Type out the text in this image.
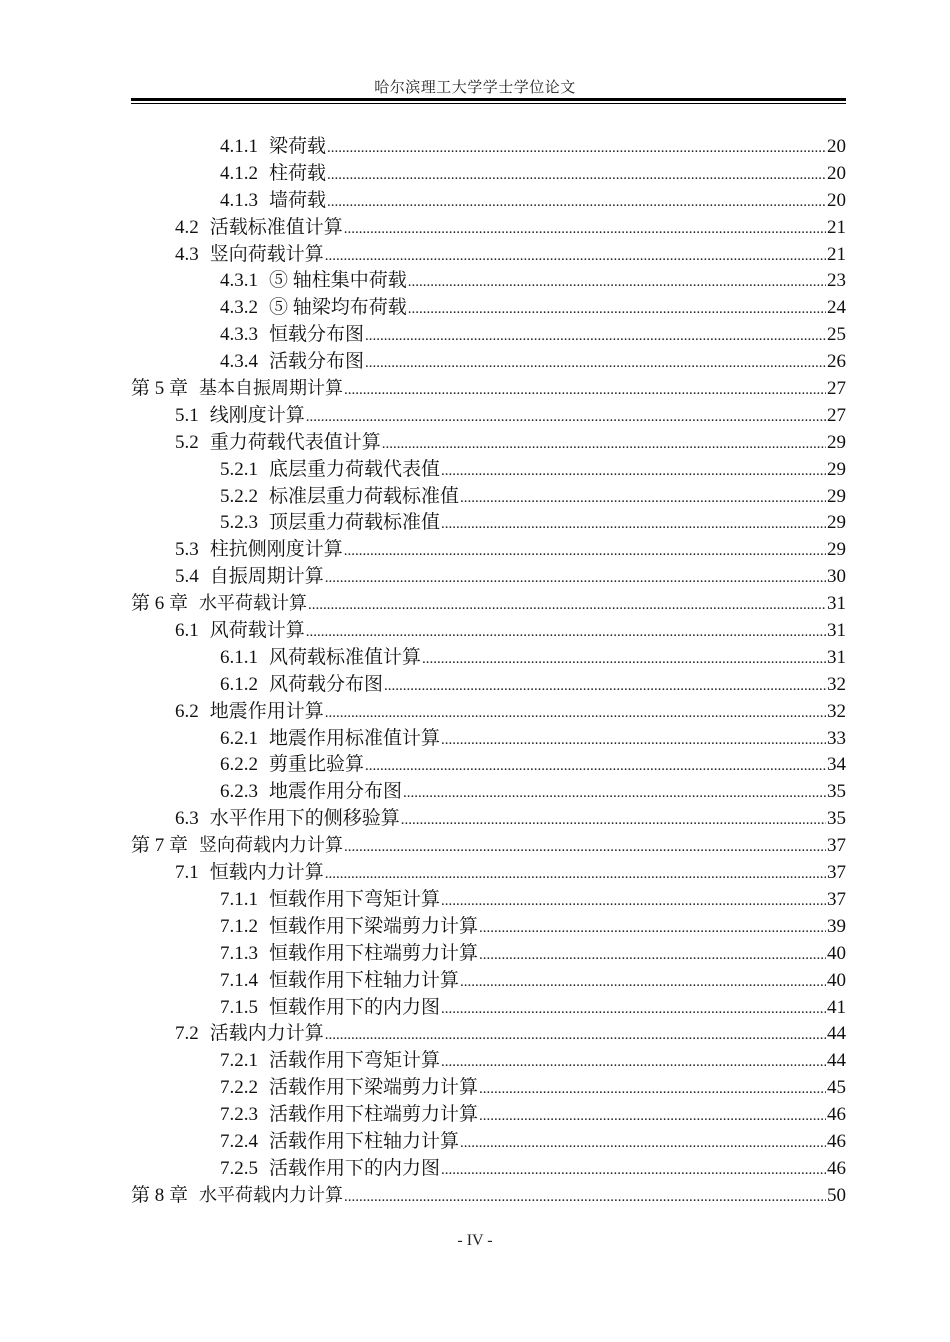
哈尔滨理工大学学士学位论文
4.1.1 梁荷载 .....	20
4.1.2 柱荷载 .....	20
4.1.3 墙荷载 .....	20
4.2 活载标准值计算 .....	21
4.3 竖向荷载计算 .....	21
4.3.1 ⑤ 轴柱集中荷载 .....	23
4.3.2 ⑤ 轴梁均布荷载 .....	24
4.3.3 恒载分布图 .....	25
4.3.4 活载分布图 .....	26
第 5 章 基本自振周期计算 .....	27
5.1 线刚度计算 .....	27
5.2 重力荷载代表值计算 .....	29
5.2.1 底层重力荷载代表值 .....	29
5.2.2 标准层重力荷载标准值 .....	29
5.2.3 顶层重力荷载标准值 .....	29
5.3 柱抗侧刚度计算 .....	29
5.4 自振周期计算 .....	30
第 6 章 水平荷载计算 .....	31
6.1 风荷载计算 .....	31
6.1.1 风荷载标准值计算 .....	31
6.1.2 风荷载分布图 .....	32
6.2 地震作用计算 .....	32
6.2.1 地震作用标准值计算 .....	33
6.2.2 剪重比验算 .....	34
6.2.3 地震作用分布图 .....	35
6.3 水平作用下的侧移验算 .....	35
第 7 章 竖向荷载内力计算 .....	37
7.1 恒载内力计算 .....	37
7.1.1 恒载作用下弯矩计算 .....	37
7.1.2 恒载作用下梁端剪力计算 .....	39
7.1.3 恒载作用下柱端剪力计算 .....	40
7.1.4 恒载作用下柱轴力计算 .....	40
7.1.5 恒载作用下的内力图 .....	41
7.2 活载内力计算 .....	44
7.2.1 活载作用下弯矩计算 .....	44
7.2.2 活载作用下梁端剪力计算 .....	45
7.2.3 活载作用下柱端剪力计算 .....	46
7.2.4 活载作用下柱轴力计算 .....	46
7.2.5 活载作用下的内力图 .....	46
第 8 章 水平荷载内力计算 .....	50
- IV -
